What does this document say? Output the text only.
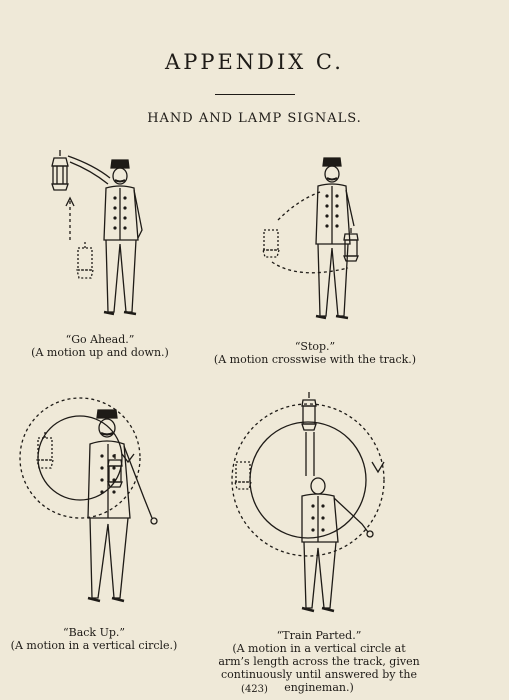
APPENDIX C.
HAND AND LAMP SIGNALS.
“Go Ahead.”
(A motion up and down.)	“Stop.”
(A motion crosswise with the track.)
“Back Up.”
(A motion in a vertical circle.)
“Train Parted.”
(A motion in a vertical circle at
arm’s length across the track, given
continuously until answered by the
engineman.)
(423)
